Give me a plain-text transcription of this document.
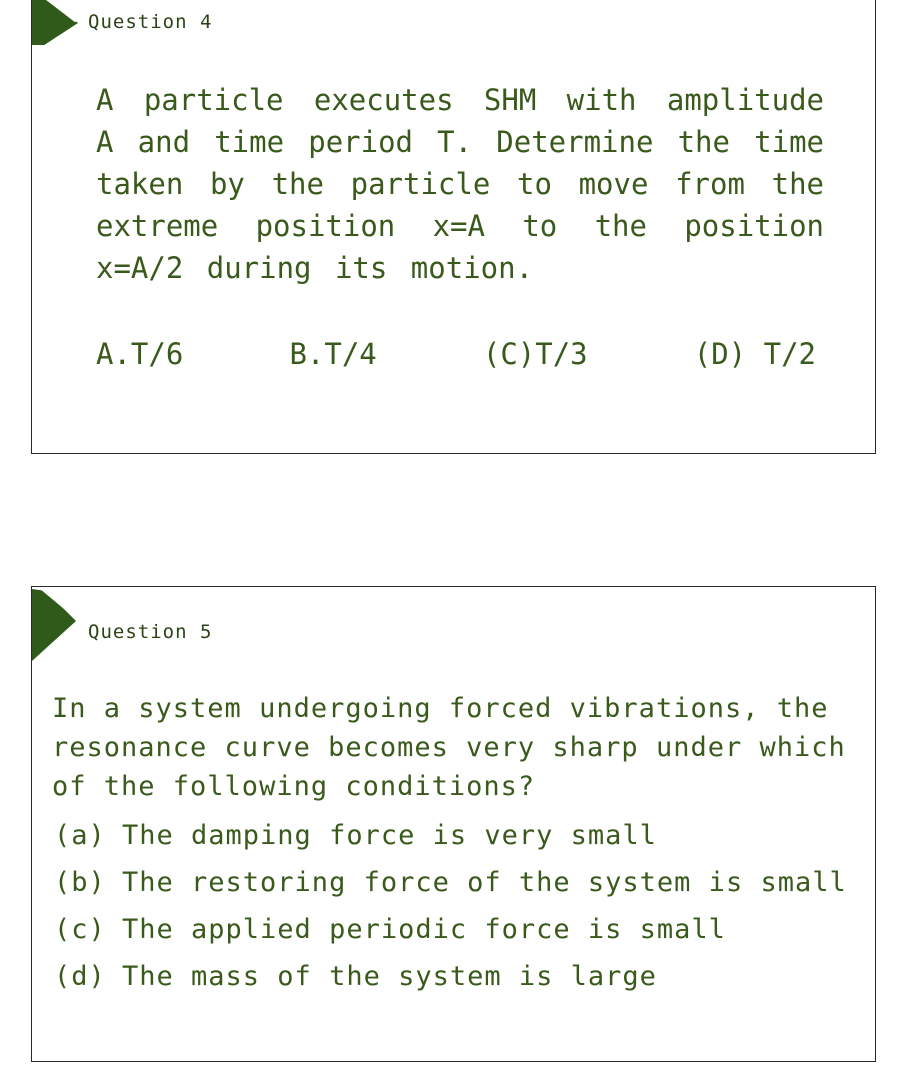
Question 4
A particle executes SHM with amplitude A and time period T. Determine the time taken by the particle to move from the extreme position x=A to the position x=A/2 during its motion.
A.T/6	B.T/4	(C)T/3	(D) T/2
Question 5
In a system undergoing forced vibrations, the resonance curve becomes very sharp under which of the following conditions?
(a) The damping force is very small
(b) The restoring force of the system is small
(c) The applied periodic force is small
(d) The mass of the system is large
